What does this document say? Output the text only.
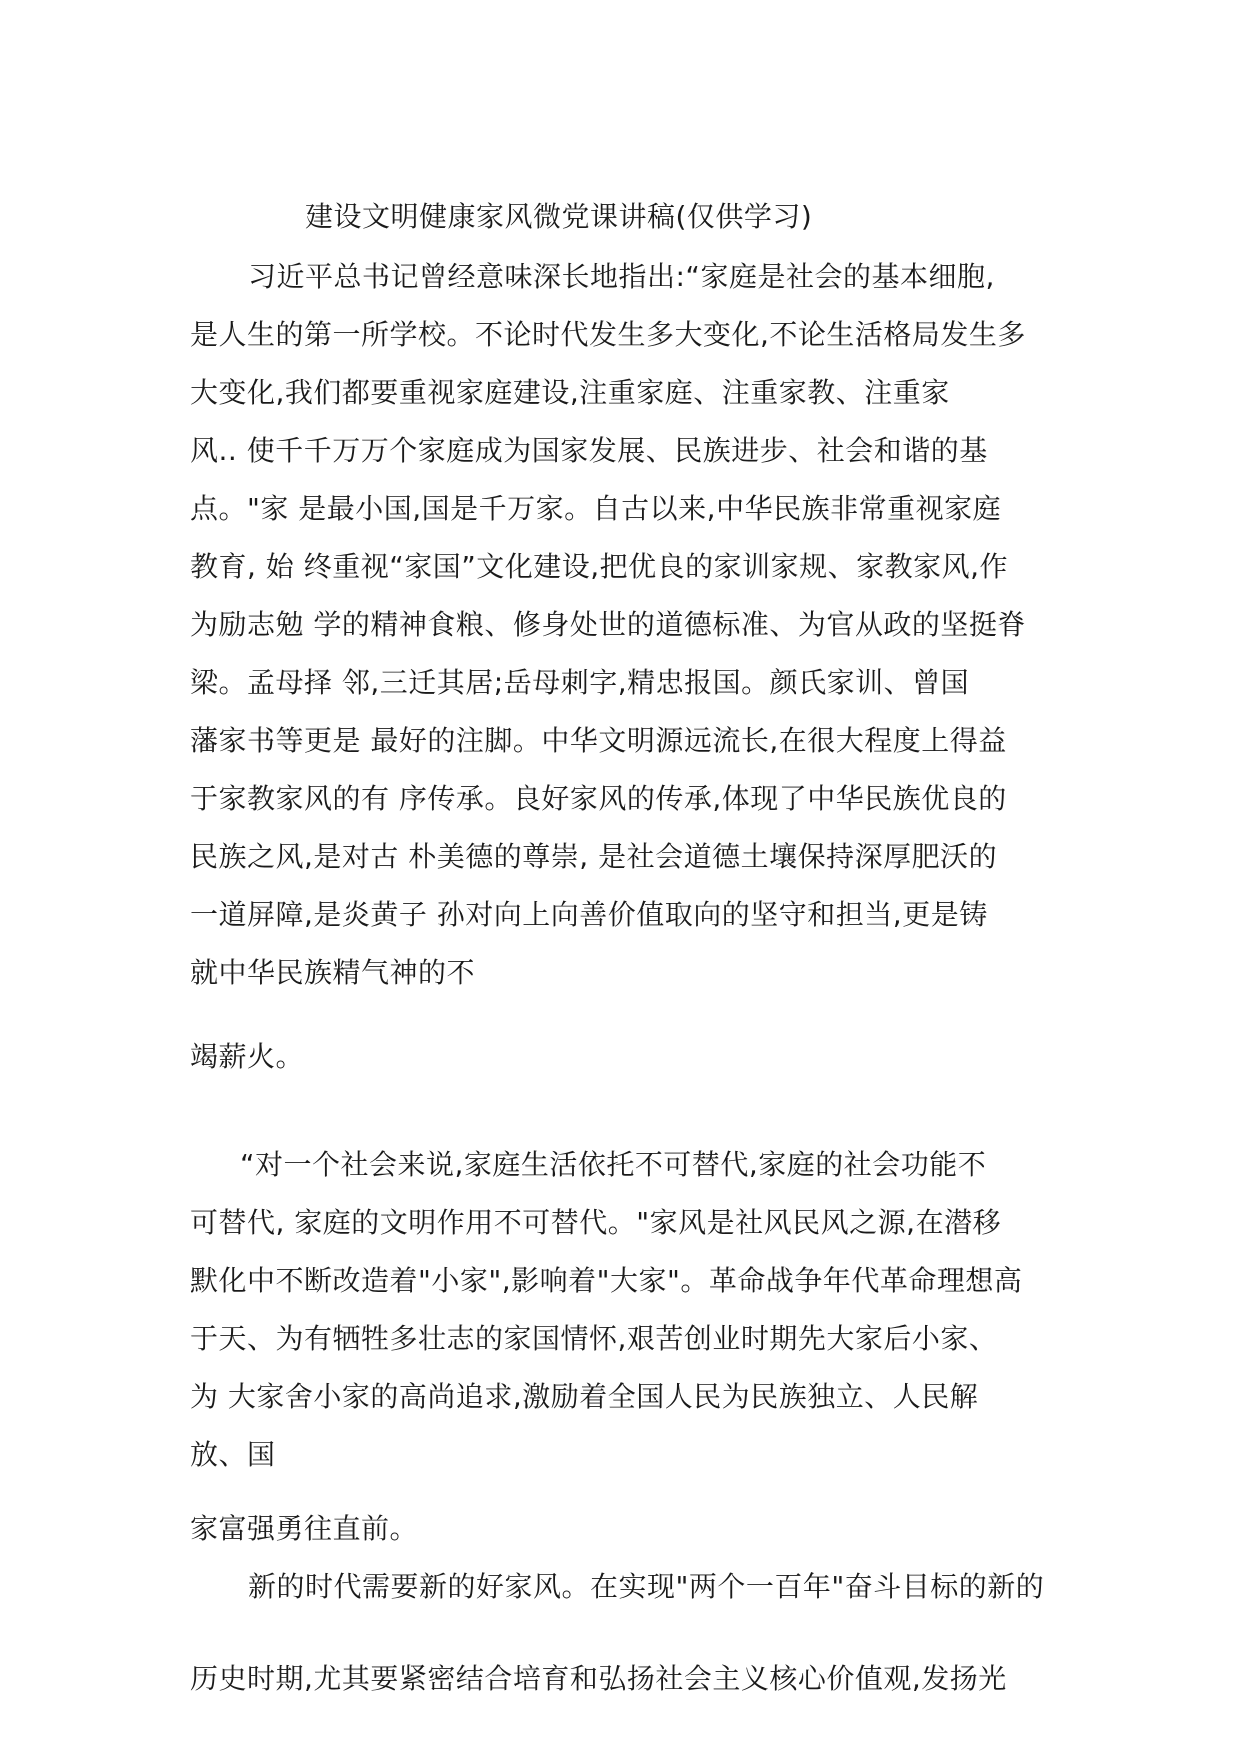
建设文明健康家风微党课讲稿(仅供学习)
习近平总书记曾经意味深长地指出:“家庭是社会的基本细胞,
是人生的第一所学校。不论时代发生多大变化,不论生活格局发生多
大变化,我们都要重视家庭建设,注重家庭、注重家教、注重家
风.. 使千千万万个家庭成为国家发展、民族进步、社会和谐的基
点。"家 是最小国,国是千万家。自古以来,中华民族非常重视家庭
教育, 始 终重视“家国”文化建设,把优良的家训家规、家教家风,作
为励志勉 学的精神食粮、修身处世的道德标准、为官从政的坚挺脊
梁。孟母择 邻,三迁其居;岳母刺字,精忠报国。颜氏家训、曾国
藩家书等更是 最好的注脚。中华文明源远流长,在很大程度上得益
于家教家风的有 序传承。良好家风的传承,体现了中华民族优良的
民族之风,是对古 朴美德的尊崇, 是社会道德土壤保持深厚肥沃的
一道屏障,是炎黄子 孙对向上向善价值取向的坚守和担当,更是铸
就中华民族精气神的不
竭薪火。
“对一个社会来说,家庭生活依托不可替代,家庭的社会功能不
可替代, 家庭的文明作用不可替代。"家风是社风民风之源,在潜移
默化中不断改造着"小家",影响着"大家"。革命战争年代革命理想高
于天、为有牺牲多壮志的家国情怀,艰苦创业时期先大家后小家、
为 大家舍小家的高尚追求,激励着全国人民为民族独立、人民解
放、国
家富强勇往直前。
新的时代需要新的好家风。在实现"两个一百年"奋斗目标的新的
历史时期,尤其要紧密结合培育和弘扬社会主义核心价值观,发扬光
